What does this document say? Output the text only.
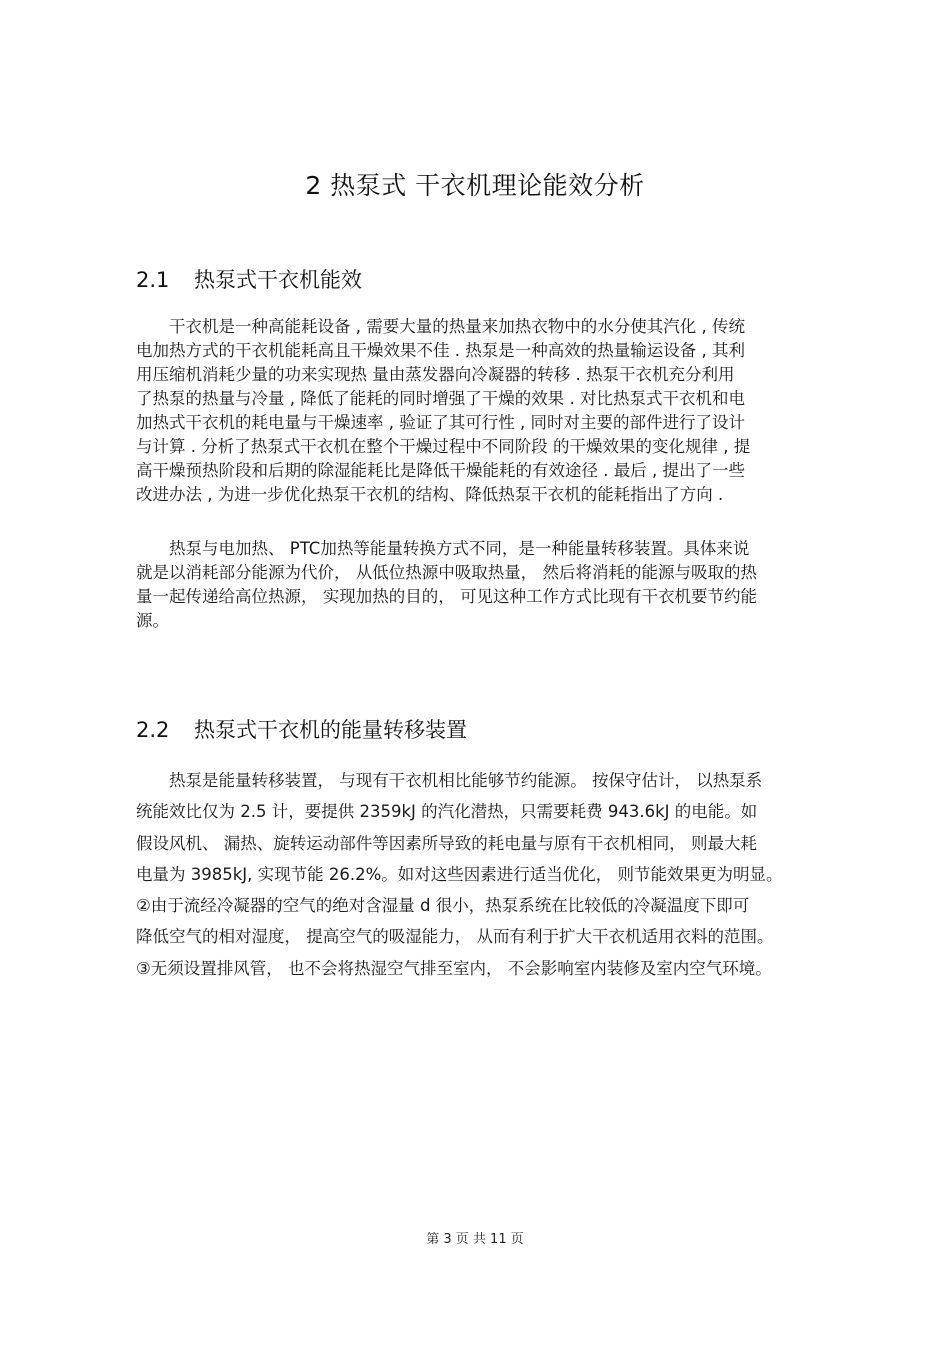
2 热泵式 干衣机理论能效分析
2.1 热泵式干衣机能效
　　干衣机是一种高能耗设备 , 需要大量的热量来加热衣物中的水分使其汽化 , 传统
电加热方式的干衣机能耗高且干燥效果不佳 . 热泵是一种高效的热量输运设备 , 其利
用压缩机消耗少量的功来实现热 量由蒸发器向冷凝器的转移 . 热泵干衣机充分利用
了热泵的热量与冷量 , 降低了能耗的同时增强了干燥的效果 . 对比热泵式干衣机和电
加热式干衣机的耗电量与干燥速率 , 验证了其可行性 , 同时对主要的部件进行了设计
与计算 . 分析了热泵式干衣机在整个干燥过程中不同阶段 的干燥效果的变化规律 , 提
高干燥预热阶段和后期的除湿能耗比是降低干燥能耗的有效途径 . 最后 , 提出了一些
改进办法 , 为进一步优化热泵干衣机的结构、降低热泵干衣机的能耗指出了方向 .
　　热泵与电加热、 PTC加热等能量转换方式不同，是一种能量转移装置。具体来说
就是以消耗部分能源为代价， 从低位热源中吸取热量， 然后将消耗的能源与吸取的热
量一起传递给高位热源， 实现加热的目的， 可见这种工作方式比现有干衣机要节约能
源。
2.2 热泵式干衣机的能量转移装置
　　热泵是能量转移装置， 与现有干衣机相比能够节约能源。 按保守估计， 以热泵系
统能效比仅为 2.5 计，要提供 2359kJ 的汽化潜热，只需要耗费 943.6kJ 的电能。如
假设风机、 漏热、旋转运动部件等因素所导致的耗电量与原有干衣机相同， 则最大耗
电量为 3985kJ, 实现节能 26.2%。如对这些因素进行适当优化， 则节能效果更为明显。
②由于流经冷凝器的空气的绝对含湿量 d 很小，热泵系统在比较低的冷凝温度下即可
降低空气的相对湿度， 提高空气的吸湿能力， 从而有利于扩大干衣机适用衣料的范围。
③无须设置排风管， 也不会将热湿空气排至室内， 不会影响室内装修及室内空气环境。
第 3 页 共 11 页
